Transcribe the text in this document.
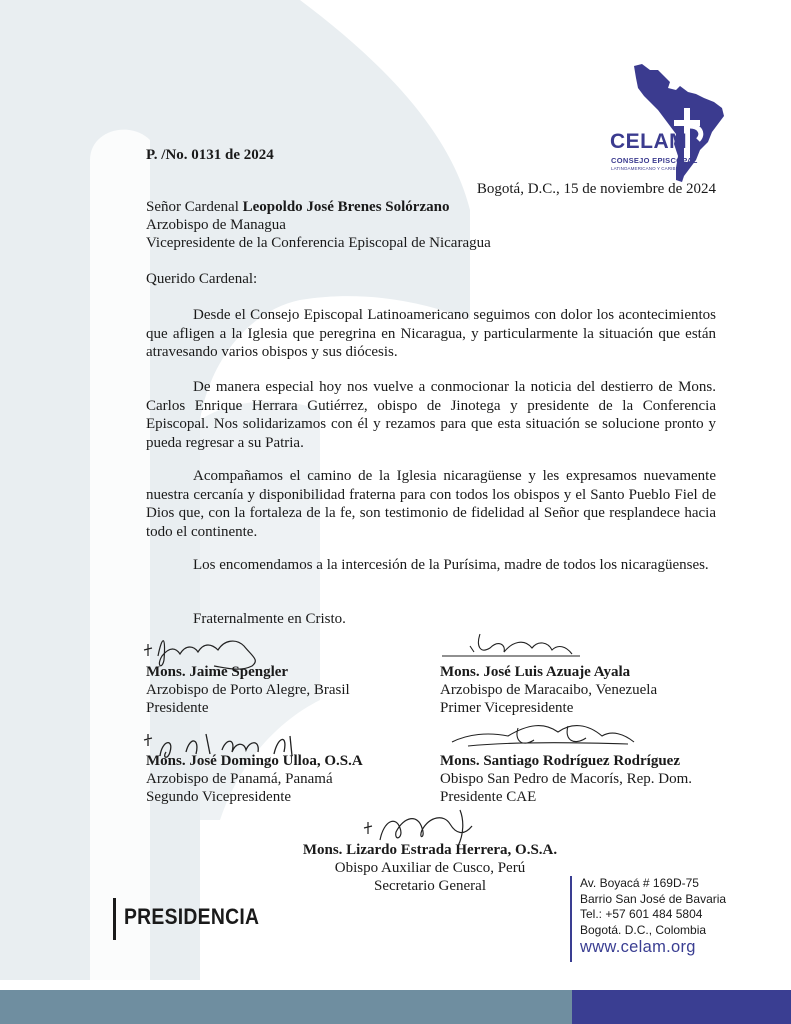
CELAM
CONSEJO EPISCOPAL
LATINOAMERICANO Y CARIBEÑO
P. /No. 0131 de 2024
Bogotá, D.C., 15 de noviembre de 2024
Señor Cardenal Leopoldo José Brenes Solórzano
Arzobispo de Managua
Vicepresidente de la Conferencia Episcopal de Nicaragua
Querido Cardenal:
Desde el Consejo Episcopal Latinoamericano seguimos con dolor los acontecimientos que afligen a la Iglesia que peregrina en Nicaragua, y particularmente la situación que están atravesando varios obispos y sus diócesis.
De manera especial hoy nos vuelve a conmocionar la noticia del destierro de Mons. Carlos Enrique Herrara Gutiérrez, obispo de Jinotega y presidente de la Conferencia Episcopal. Nos solidarizamos con él y rezamos para que esta situación se solucione pronto y pueda regresar a su Patria.
Acompañamos el camino de la Iglesia nicaragüense y les expresamos nuevamente nuestra cercanía y disponibilidad fraterna para con todos los obispos y el Santo Pueblo Fiel de Dios que, con la fortaleza de la fe, son testimonio de fidelidad al Señor que resplandece hacia todo el continente.
Los encomendamos a la intercesión de la Purísima, madre de todos los nicaragüenses.
Fraternalmente en Cristo.
Mons. Jaime Spengler
Arzobispo de Porto Alegre, Brasil
Presidente
Mons. José Luis Azuaje Ayala
Arzobispo de Maracaibo, Venezuela
Primer Vicepresidente
Mons. José Domingo Ulloa, O.S.A
Arzobispo de Panamá, Panamá
Segundo Vicepresidente
Mons. Santiago Rodríguez Rodríguez
Obispo San Pedro de Macorís, Rep. Dom.
Presidente CAE
Mons. Lizardo Estrada Herrera, O.S.A.
Obispo Auxiliar de Cusco, Perú
Secretario General
PRESIDENCIA
Av. Boyacá # 169D-75
Barrio San José de Bavaria
Tel.: +57 601 484 5804
Bogotá. D.C., Colombia
www.celam.org
